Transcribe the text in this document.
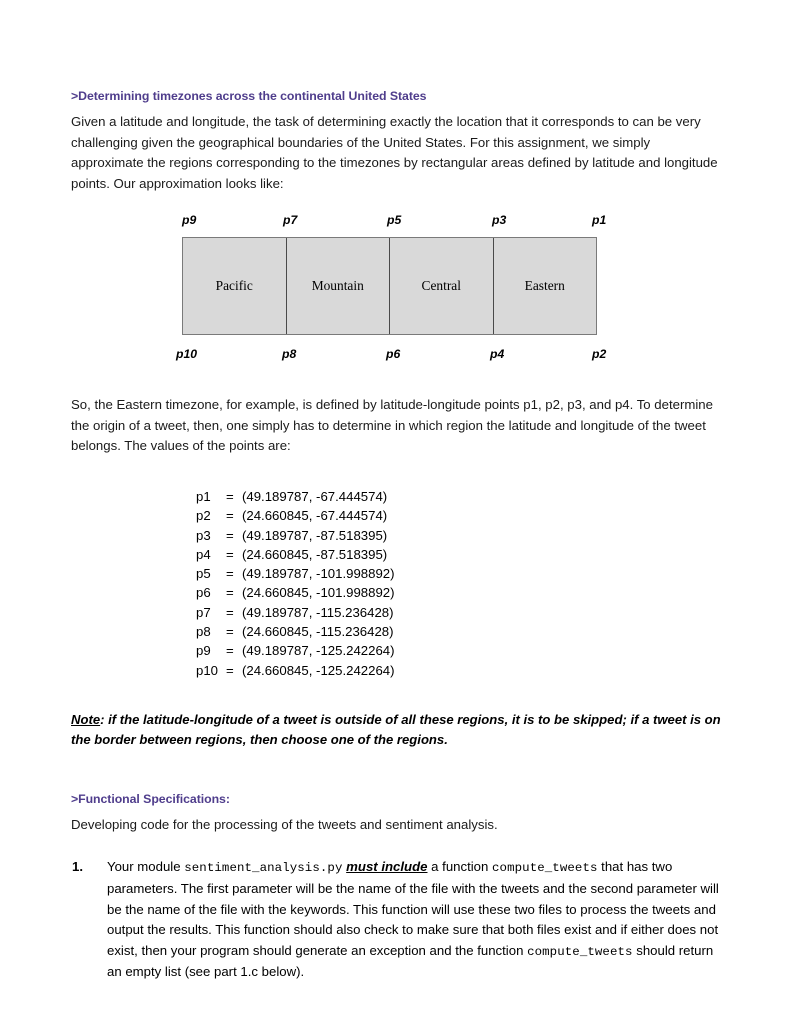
>Determining timezones across the continental United States

Given a latitude and longitude, the task of determining exactly the location that it corresponds to can be very challenging given the geographical boundaries of the United States. For this assignment, we simply approximate the regions corresponding to the timezones by rectangular areas defined by latitude and longitude points. Our approximation looks like:

p9	p7	p5	p3	p1
Pacific	Mountain	Central	Eastern
p10	p8	p6	p4	p2

So, the Eastern timezone, for example, is defined by latitude-longitude points p1, p2, p3, and p4. To determine the origin of a tweet, then, one simply has to determine in which region the latitude and longitude of the tweet belongs. The values of the points are:

p1	= (49.189787, -67.444574)
p2	= (24.660845, -67.444574)
p3	= (49.189787, -87.518395)
p4	= (24.660845, -87.518395)
p5	= (49.189787, -101.998892)
p6	= (24.660845, -101.998892)
p7	= (49.189787, -115.236428)
p8	= (24.660845, -115.236428)
p9	= (49.189787, -125.242264)
p10 = (24.660845, -125.242264)

Note: if the latitude-longitude of a tweet is outside of all these regions, it is to be skipped; if a tweet is on the border between regions, then choose one of the regions.

>Functional Specifications:

Developing code for the processing of the tweets and sentiment analysis.

1. Your module sentiment_analysis.py must include a function compute_tweets that has two parameters. The first parameter will be the name of the file with the tweets and the second parameter will be the name of the file with the keywords. This function will use these two files to process the tweets and output the results. This function should also check to make sure that both files exist and if either does not exist, then your program should generate an exception and the function compute_tweets should return an empty list (see part 1.c below).
